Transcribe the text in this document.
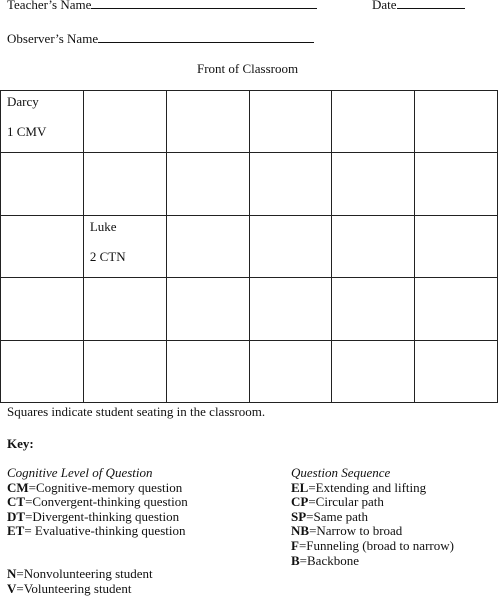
Teacher’s Name	Date
Observer’s Name
Front of Classroom
Darcy
1 CMV
Luke
2 CTN
Squares indicate student seating in the classroom.
Key:
Cognitive Level of Question
CM=Cognitive-memory question
CT=Convergent-thinking question
DT=Divergent-thinking question
ET= Evaluative-thinking question
Question Sequence
EL=Extending and lifting
CP=Circular path
SP=Same path
NB=Narrow to broad
F=Funneling (broad to narrow)
B=Backbone
N=Nonvolunteering student
V=Volunteering student
